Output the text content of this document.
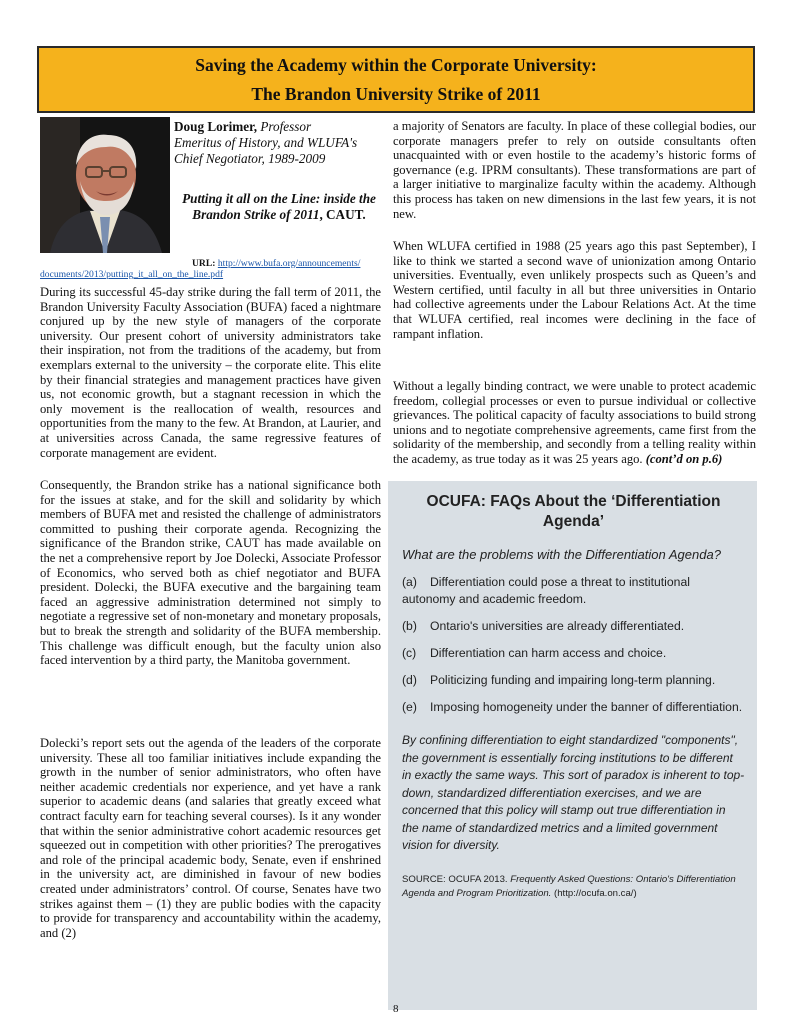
Saving the Academy within the Corporate University:
The Brandon University Strike of 2011
Doug Lorimer, Professor
Emeritus of History, and WLUFA's
Chief Negotiator, 1989-2009
Putting it all on the Line: inside the
Brandon Strike of 2011, CAUT.
URL: http://www.bufa.org/announcements/
documents/2013/putting_it_all_on_the_line.pdf

During its successful 45-day strike during the fall term of 2011, the Brandon University Faculty Association (BUFA) faced a nightmare conjured up by the new style of managers of the corporate university. Our present cohort of university administrators take their inspiration, not from the traditions of the academy, but from exemplars external to the university – the corporate elite. This elite by their financial strategies and management practices have given us, not economic growth, but a stagnant recession in which the only movement is the reallocation of wealth, resources and opportunities from the many to the few. At Brandon, at Laurier, and at universities across Canada, the same regressive features of corporate management are evident.

Consequently, the Brandon strike has a national significance both for the issues at stake, and for the skill and solidarity by which members of BUFA met and resisted the challenge of administrators committed to pushing their corporate agenda. Recognizing the significance of the Brandon strike, CAUT has made available on the net a comprehensive report by Joe Dolecki, Associate Professor of Economics, who served both as chief negotiator and BUFA president. Dolecki, the BUFA executive and the bargaining team faced an aggressive administration determined not simply to negotiate a regressive set of non-monetary and monetary proposals, but to break the strength and solidarity of the BUFA membership. This challenge was difficult enough, but the faculty union also faced intervention by a third party, the Manitoba government.

Dolecki’s report sets out the agenda of the leaders of the corporate university. These all too familiar initiatives include expanding the growth in the number of senior administrators, who often have neither academic credentials nor experience, and yet have a rank superior to academic deans (and salaries that greatly exceed what contract faculty earn for teaching several courses). Is it any wonder that within the senior administrative cohort academic resources get squeezed out in competition with other priorities? The prerogatives and role of the principal academic body, Senate, even if enshrined in the university act, are diminished in favour of new bodies created under administrators’ control. Of course, Senates have two strikes against them – (1) they are public bodies with the capacity to provide for transparency and accountability within the academy, and (2)

a majority of Senators are faculty. In place of these collegial bodies, our corporate managers prefer to rely on outside consultants often unacquainted with or even hostile to the academy’s historic forms of governance (e.g. IPRM consultants). These transformations are part of a larger initiative to marginalize faculty within the academy. Although this process has taken on new dimensions in the last few years, it is not new.

When WLUFA certified in 1988 (25 years ago this past September), I like to think we started a second wave of unionization among Ontario universities. Eventually, even unlikely prospects such as Queen’s and Western certified, until faculty in all but three universities in Ontario had collective agreements under the Labour Relations Act. At the time that WLUFA certified, real incomes were declining in the face of rampant inflation.

Without a legally binding contract, we were unable to protect academic freedom, collegial processes or even to pursue individual or collective grievances. The political capacity of faculty associations to build strong unions and to negotiate comprehensive agreements, came first from the solidarity of the membership, and secondly from a telling reality within the academy, as true today as it was 25 years ago. (cont’d on p.6)

OCUFA: FAQs About the ‘Differentiation Agenda’
What are the problems with the Differentiation Agenda?
(a) Differentiation could pose a threat to institutional autonomy and academic freedom.
(b) Ontario's universities are already differentiated.
(c) Differentiation can harm access and choice.
(d) Politicizing funding and impairing long-term planning.
(e) Imposing homogeneity under the banner of differentiation.
By confining differentiation to eight standardized "components", the government is essentially forcing institutions to be different in exactly the same ways. This sort of paradox is inherent to top-down, standardized differentiation exercises, and we are concerned that this policy will stamp out true differentiation in the name of standardized metrics and a limited government vision for diversity.
SOURCE: OCUFA 2013. Frequently Asked Questions: Ontario's Differentiation Agenda and Program Prioritization. (http://ocufa.on.ca/)
8
